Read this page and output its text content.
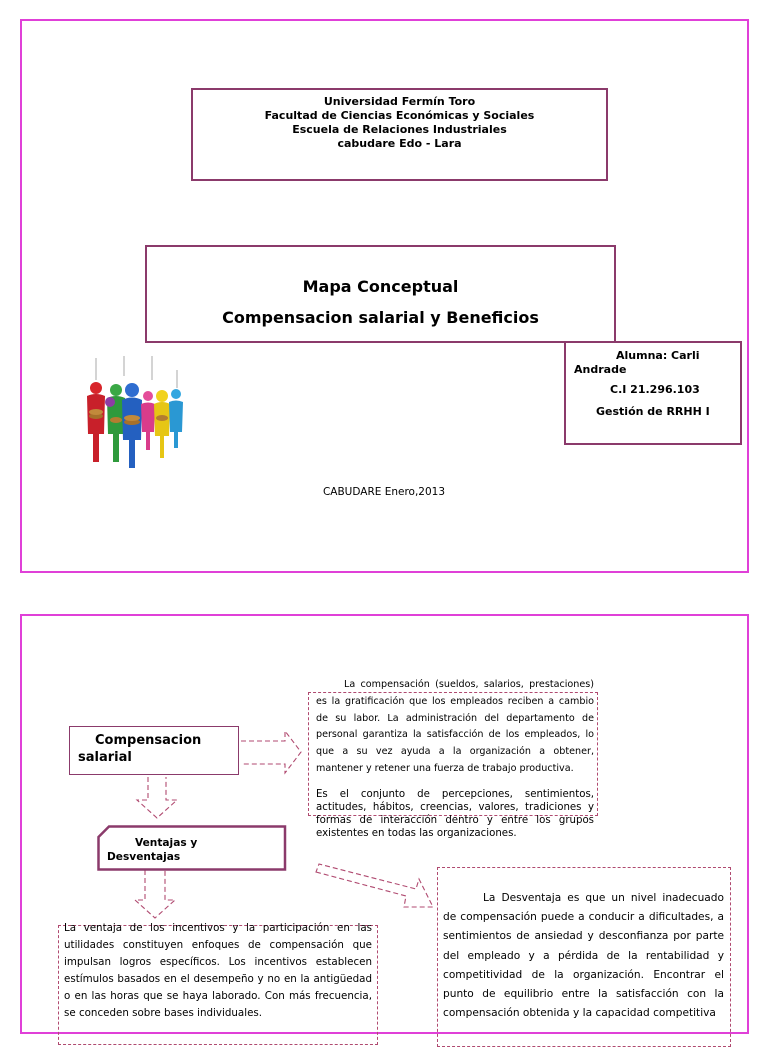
Universidad Fermín Toro
Facultad de Ciencias Económicas y Sociales
Escuela de Relaciones Industriales
cabudare Edo - Lara
Mapa Conceptual
Compensacion salarial y Beneficios
Alumna: Carli
Andrade
C.I 21.296.103
Gestión de RRHH I
CABUDARE Enero,2013
Compensacion
salarial
La compensación (sueldos, salarios, prestaciones) es la gratificación que los empleados reciben a cambio de su labor. La administración del departamento de personal garantiza la satisfacción de los empleados, lo que a su vez ayuda a la organización a obtener, mantener y retener una fuerza de trabajo productiva.
Es el conjunto de percepciones, sentimientos, actitudes, hábitos, creencias, valores, tradiciones y formas de interacción dentro y entre los grupos existentes en todas las organizaciones.
Ventajas y
Desventajas
La ventaja de los incentivos y la participación en las utilidades constituyen enfoques de compensación que impulsan logros específicos. Los incentivos establecen estímulos basados en el desempeño y no en la antigüedad o en las horas que se haya laborado. Con más frecuencia, se conceden sobre bases individuales.
La Desventaja es que un nivel inadecuado de compensación puede a conducir a dificultades, a sentimientos de ansiedad y desconfianza por parte del empleado y a pérdida de la rentabilidad y competitividad de la organización. Encontrar el punto de equilibrio entre la satisfacción con la compensación obtenida y la capacidad competitiva
